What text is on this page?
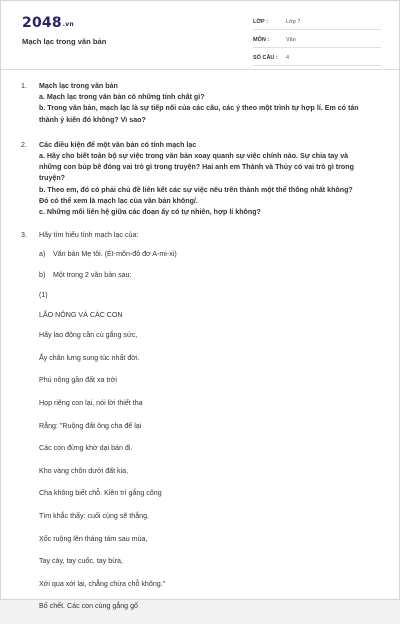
2048.vn
Mạch lạc trong văn bản
LỚP :	Lớp 7
MÔN :	Văn
SỐ CÂU :	4
1. Mạch lạc trong văn bản
a. Mạch lạc trong văn bản có những tính chất gì?
b. Trong văn bản, mạch lạc là sự tiếp nối của các câu, các ý theo một trình tự hợp lí. Em có tán
thành ý kiến đó không? Vì sao?
2. Các điều kiện để một văn bản có tính mạch lạc
a. Hãy cho biết toàn bộ sự việc trong văn bản xoay quanh sự việc chính nào. Sự chia tay và
những con búp bê đóng vai trò gì trong truyện? Hai anh em Thành và Thủy có vai trò gì trong
truyện?
b. Theo em, đó có phải chủ đề liên kết các sự việc nêu trên thành một thể thống nhất không?
Đó có thể xem là mạch lạc của văn bản không/.
c. Những mối liên hệ giữa các đoạn ấy có tự nhiên, hợp lí không?
3. Hãy tìm hiểu tính mạch lạc của:
a)	Văn bản Mẹ tôi. (Ét-môn-đô đơ A-mi-xi)
b)	Một trong 2 văn bản sau:
(1)
LÃO NÔNG VÀ CÁC CON
Hãy lao động cần cù gắng sức,
Ấy chân lưng sung túc nhất đời.
Phú nông gần đất xa trời
Họp riêng con lại, nói lời thiết tha
Rằng: "Ruộng đất ông cha để lại
Các con đừng khờ dại bán đi.
Kho vàng chôn dưới đất kia,
Cha không biết chỗ. Kiên trì gắng công
Tìm khắc thấy: cuối cùng sẽ thắng.
Xốc ruộng lên tháng tám sau mùa,
Tay cày, tay cuốc, tay bừa,
Xới qua xới lại, chẳng chừa chỗ không."
Bố chết. Các con cùng gắng gổ
